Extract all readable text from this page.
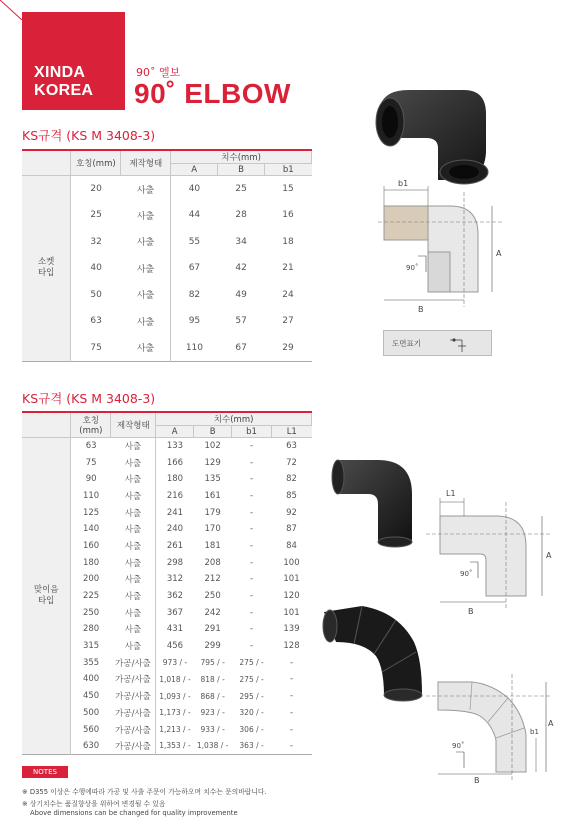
XINDA
KOREA
90˚ 엘보
90˚ ELBOW
KS규격 (KS M 3408-3)
	호칭(mm)	제작형태	치수(mm)		
			A	B	b1

소켓
타입	20	사출	40	25	15
	25	사출	44	28	16
	32	사출	55	34	18
	40	사출	67	42	21
	50	사출	82	49	24
	63	사출	95	57	27
	75	사출	110	67	29
KS규격 (KS M 3408-3)
	호칭(mm)	제작형태	치수(mm)			
			A	B	b1	L1

맞이음
타입	63	사출	133	102	-	63
	75	사출	166	129	-	72
	90	사출	180	135	-	82
	110	사출	216	161	-	85
	125	사출	241	179	-	92
	140	사출	240	170	-	87
	160	사출	261	181	-	84
	180	사출	298	208	-	100
	200	사출	312	212	-	101
	225	사출	362	250	-	120
	250	사출	367	242	-	101
	280	사출	431	291	-	139
	315	사출	456	299	-	128
	355	가공/사출	973 / -	795 / -	275 / -	-
	400	가공/사출	1,018 / -	818 / -	275 / -	-
	450	가공/사출	1,093 / -	868 / -	295 / -	-
	500	가공/사출	1,173 / -	923 / -	320 / -	-
	560	가공/사출	1,213 / -	933 / -	306 / -	-
	630	가공/사출	1,353 / -	1,038 / -	363 / -	-
NOTES
※ D355 이상은 수행에따라 가공 및 사출 주문이 가능하오며 치수는 문의바랍니다.
※ 상기치수는 품질향상을 위하여 변경될 수 있음
Above dimensions can be changed for quality improvemente
b1
A
B
90˚
도면표기
L1
A
B
90˚
A
b1
B
90˚
